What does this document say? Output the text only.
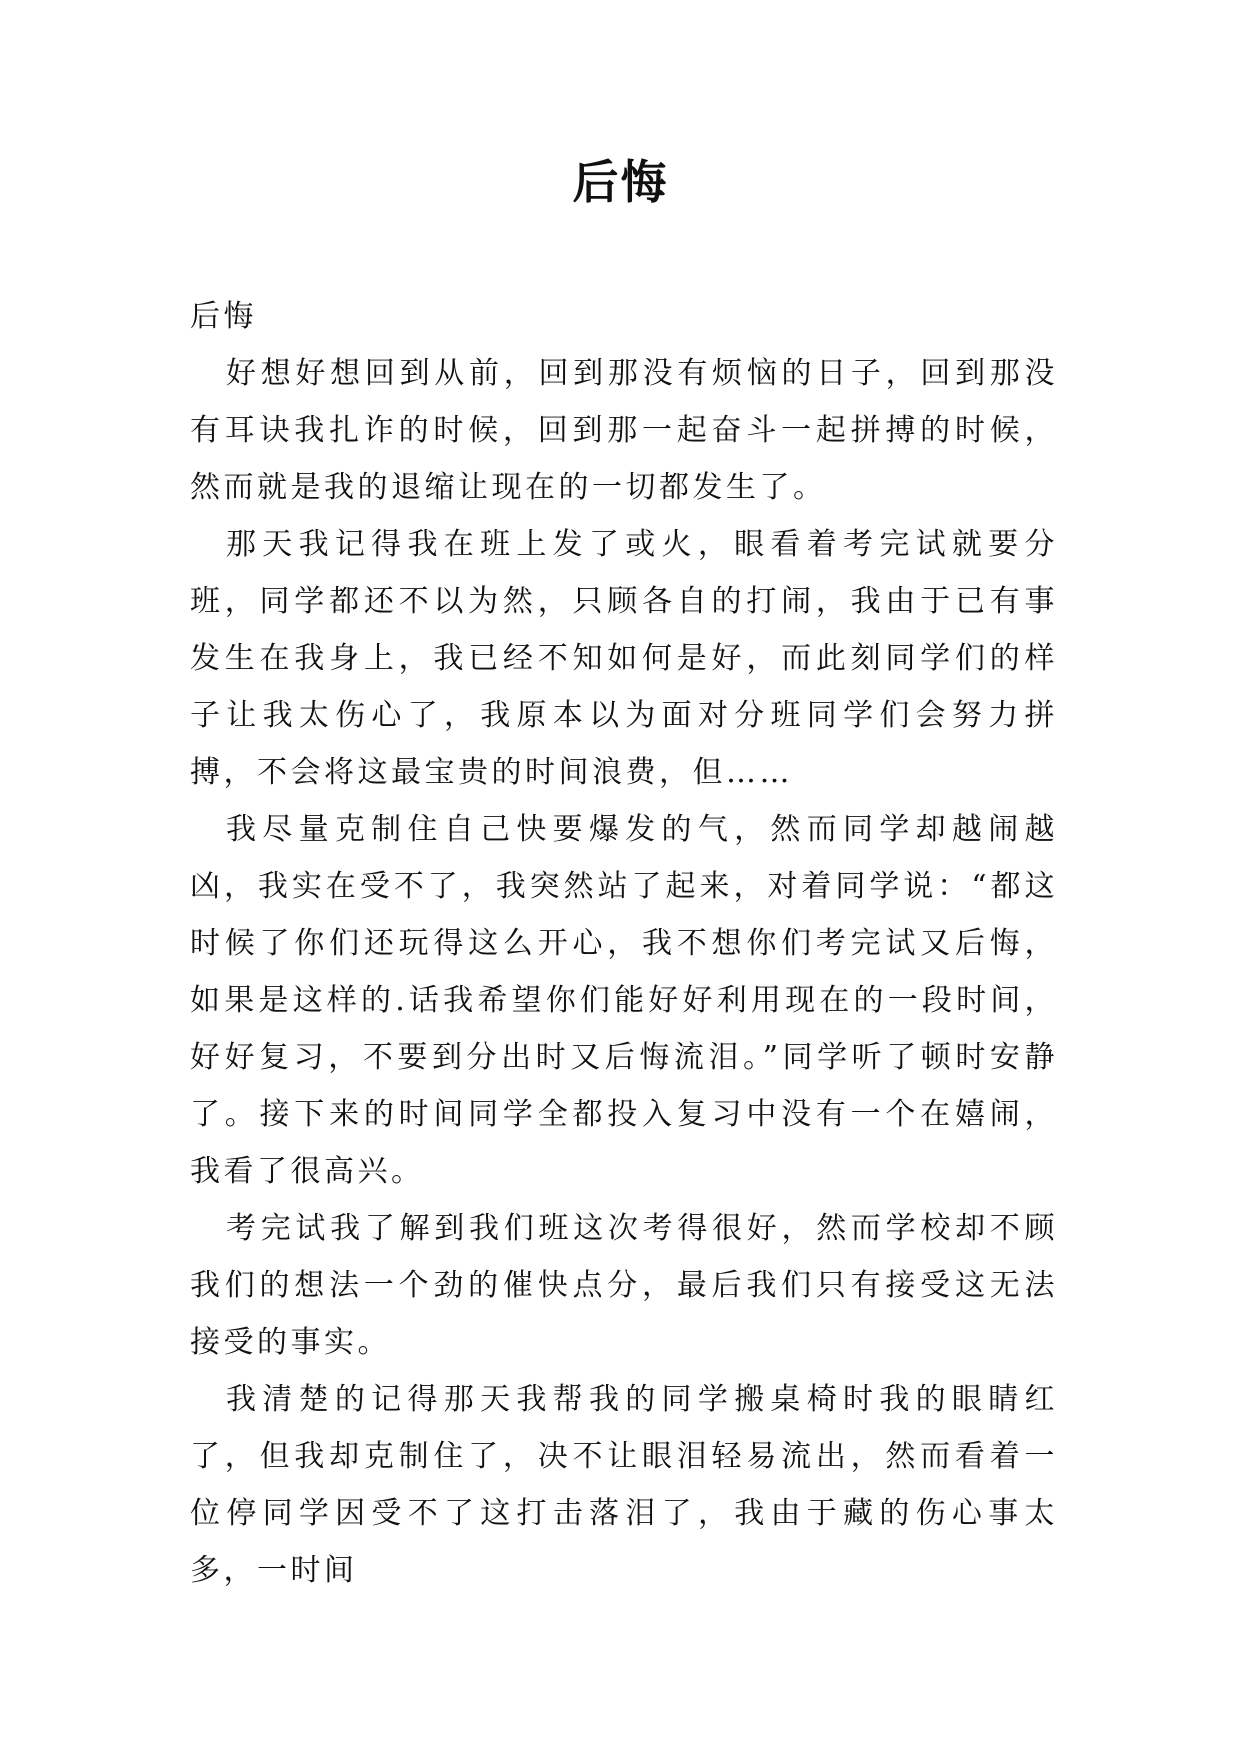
后悔

后悔

好想好想回到从前，回到那没有烦恼的日子，回到那没有耳诀我扎诈的时候，回到那一起奋斗一起拼搏的时候，然而就是我的退缩让现在的一切都发生了。

那天我记得我在班上发了或火，眼看着考完试就要分班，同学都还不以为然，只顾各自的打闹，我由于已有事发生在我身上，我已经不知如何是好，而此刻同学们的样子让我太伤心了，我原本以为面对分班同学们会努力拼搏，不会将这最宝贵的时间浪费，但……

我尽量克制住自己快要爆发的气，然而同学却越闹越凶，我实在受不了，我突然站了起来，对着同学说：“都这时候了你们还玩得这么开心，我不想你们考完试又后悔，如果是这样的.话我希望你们能好好利用现在的一段时间，好好复习，不要到分出时又后悔流泪。”同学听了顿时安静了。接下来的时间同学全都投入复习中没有一个在嬉闹，我看了很高兴。

考完试我了解到我们班这次考得很好，然而学校却不顾我们的想法一个劲的催快点分，最后我们只有接受这无法接受的事实。

我清楚的记得那天我帮我的同学搬桌椅时我的眼睛红了，但我却克制住了，决不让眼泪轻易流出，然而看着一位停同学因受不了这打击落泪了，我由于藏的伤心事太多，一时间
